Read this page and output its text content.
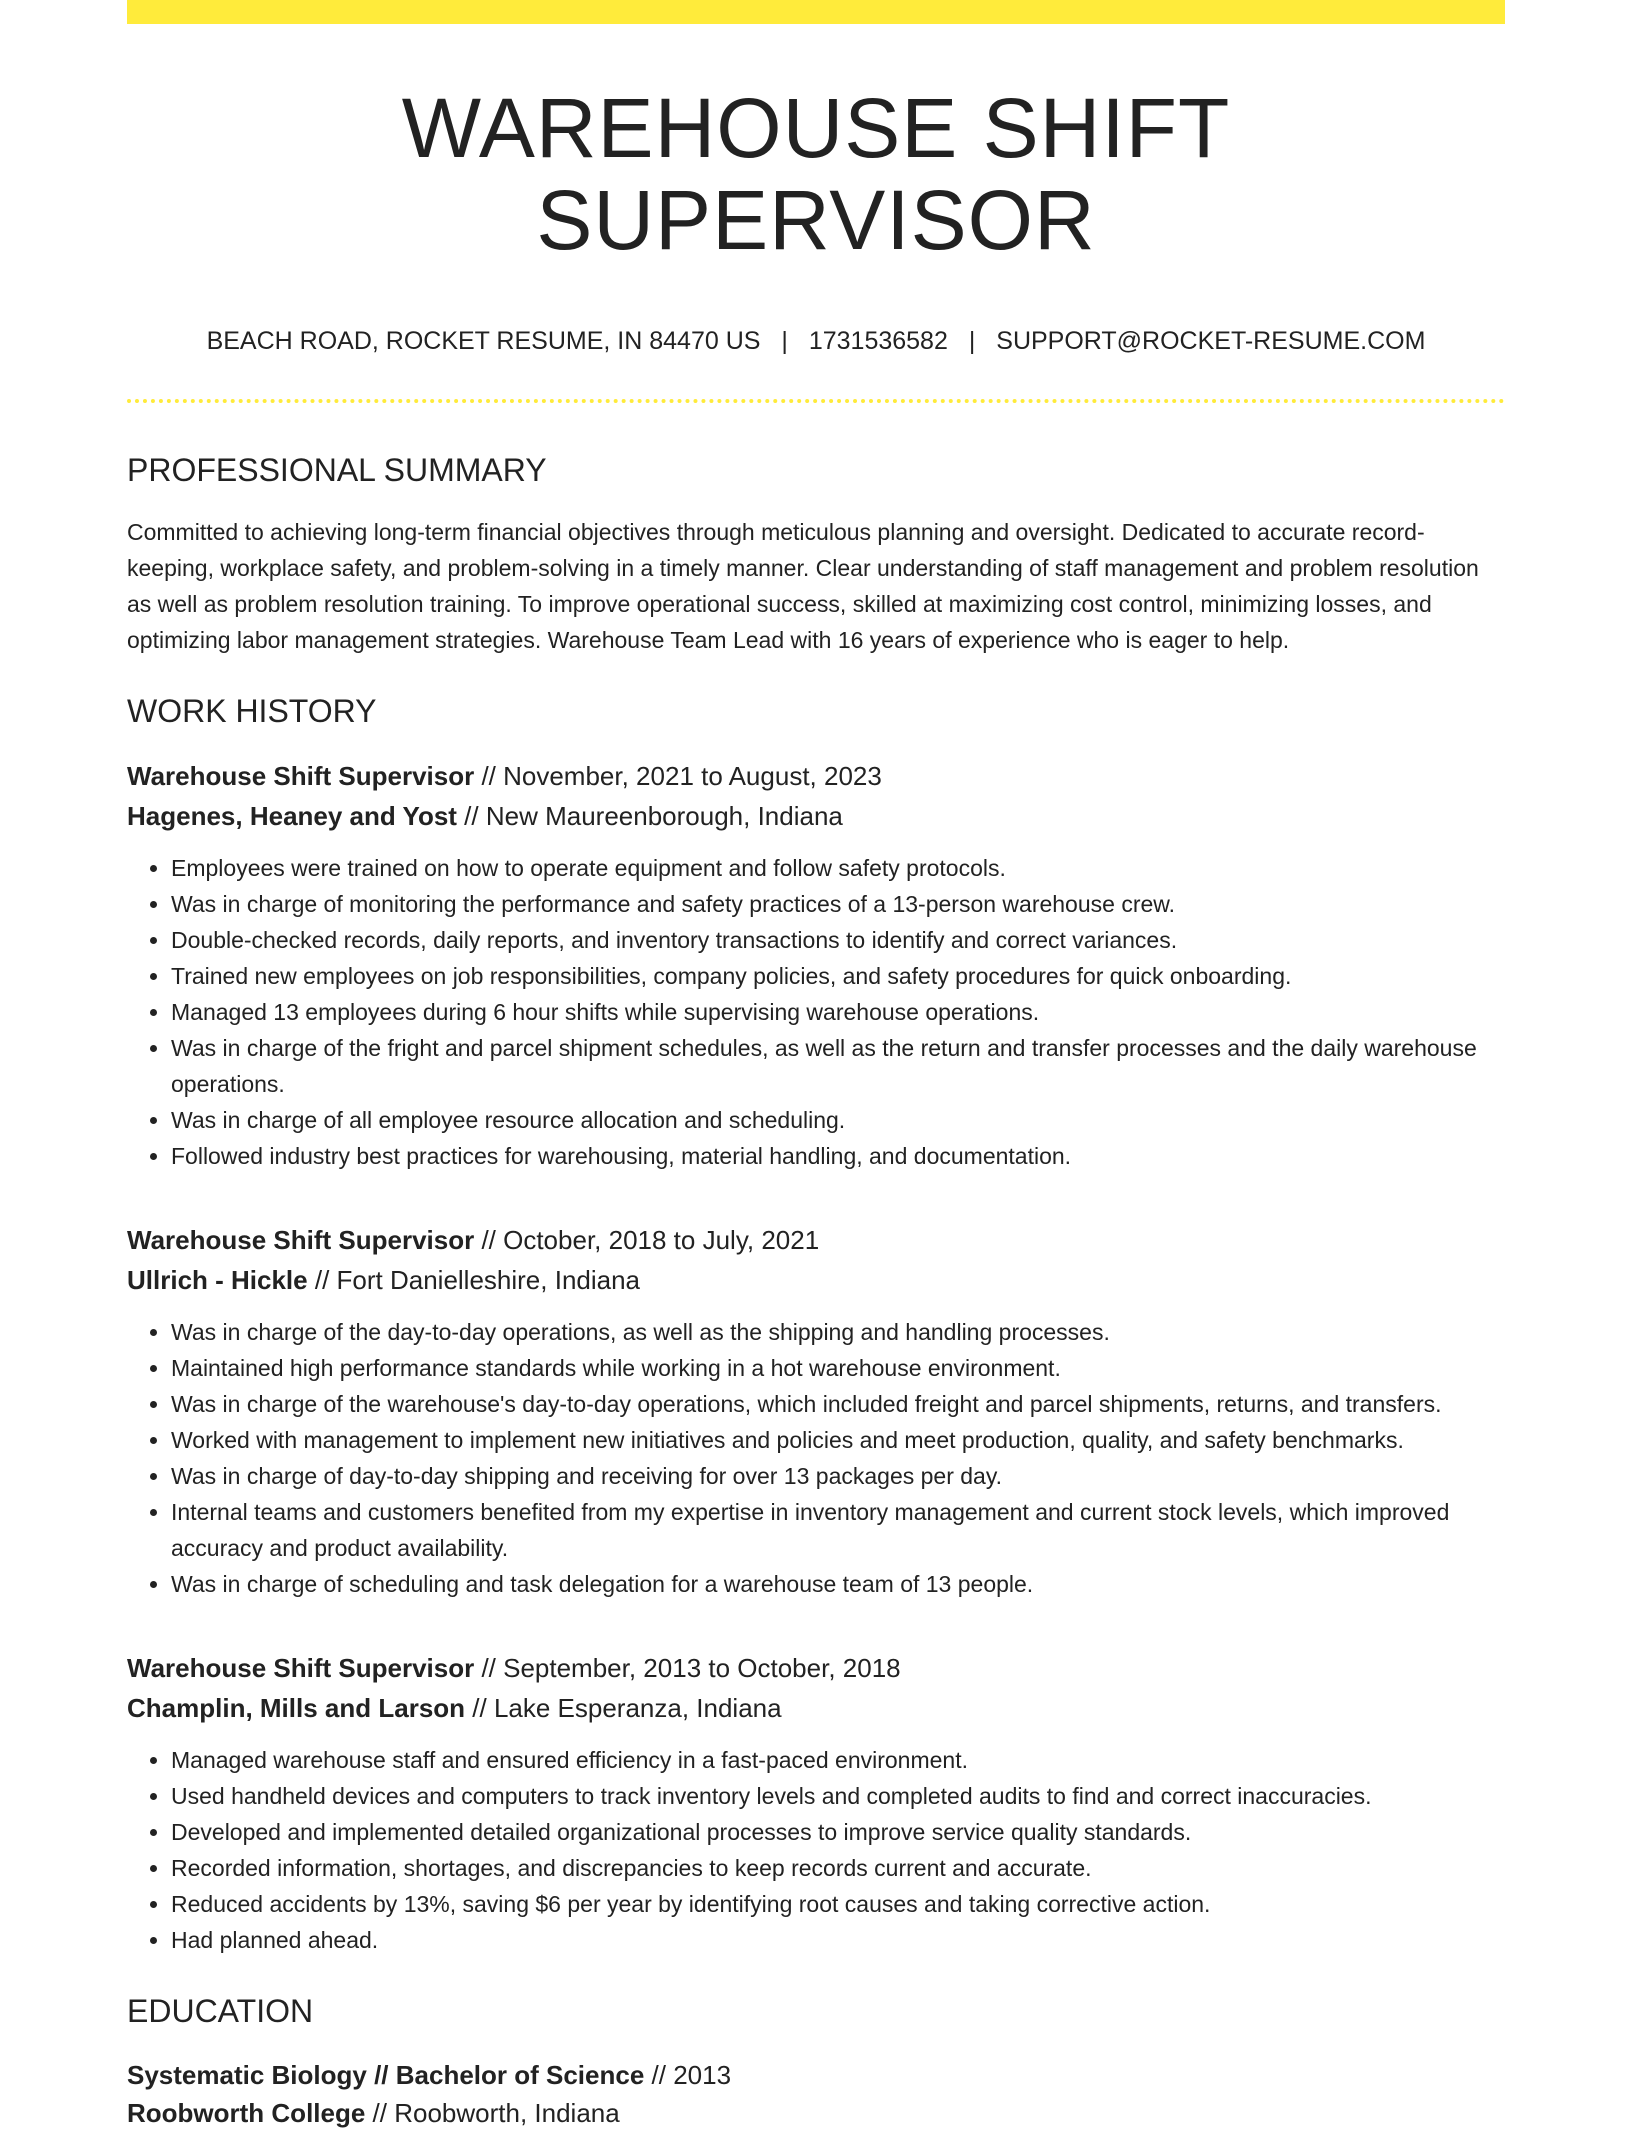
WAREHOUSE SHIFT SUPERVISOR
BEACH ROAD, ROCKET RESUME, IN 84470 US | 1731536582 | SUPPORT@ROCKET-RESUME.COM
PROFESSIONAL SUMMARY

Committed to achieving long-term financial objectives through meticulous planning and oversight. Dedicated to accurate record-keeping, workplace safety, and problem-solving in a timely manner. Clear understanding of staff management and problem resolution as well as problem resolution training. To improve operational success, skilled at maximizing cost control, minimizing losses, and optimizing labor management strategies. Warehouse Team Lead with 16 years of experience who is eager to help.

WORK HISTORY
Warehouse Shift Supervisor // November, 2021 to August, 2023
Hagenes, Heaney and Yost // New Maureenborough, Indiana
• Employees were trained on how to operate equipment and follow safety protocols.
• Was in charge of monitoring the performance and safety practices of a 13-person warehouse crew.
• Double-checked records, daily reports, and inventory transactions to identify and correct variances.
• Trained new employees on job responsibilities, company policies, and safety procedures for quick onboarding.
• Managed 13 employees during 6 hour shifts while supervising warehouse operations.
• Was in charge of the fright and parcel shipment schedules, as well as the return and transfer processes and the daily warehouse operations.
• Was in charge of all employee resource allocation and scheduling.
• Followed industry best practices for warehousing, material handling, and documentation.
Warehouse Shift Supervisor // October, 2018 to July, 2021
Ullrich - Hickle // Fort Danielleshire, Indiana
• Was in charge of the day-to-day operations, as well as the shipping and handling processes.
• Maintained high performance standards while working in a hot warehouse environment.
• Was in charge of the warehouse's day-to-day operations, which included freight and parcel shipments, returns, and transfers.
• Worked with management to implement new initiatives and policies and meet production, quality, and safety benchmarks.
• Was in charge of day-to-day shipping and receiving for over 13 packages per day.
• Internal teams and customers benefited from my expertise in inventory management and current stock levels, which improved accuracy and product availability.
• Was in charge of scheduling and task delegation for a warehouse team of 13 people.
Warehouse Shift Supervisor // September, 2013 to October, 2018
Champlin, Mills and Larson // Lake Esperanza, Indiana
• Managed warehouse staff and ensured efficiency in a fast-paced environment.
• Used handheld devices and computers to track inventory levels and completed audits to find and correct inaccuracies.
• Developed and implemented detailed organizational processes to improve service quality standards.
• Recorded information, shortages, and discrepancies to keep records current and accurate.
• Reduced accidents by 13%, saving $6 per year by identifying root causes and taking corrective action.
• Had planned ahead.
EDUCATION
Systematic Biology // Bachelor of Science // 2013
Roobworth College // Roobworth, Indiana
